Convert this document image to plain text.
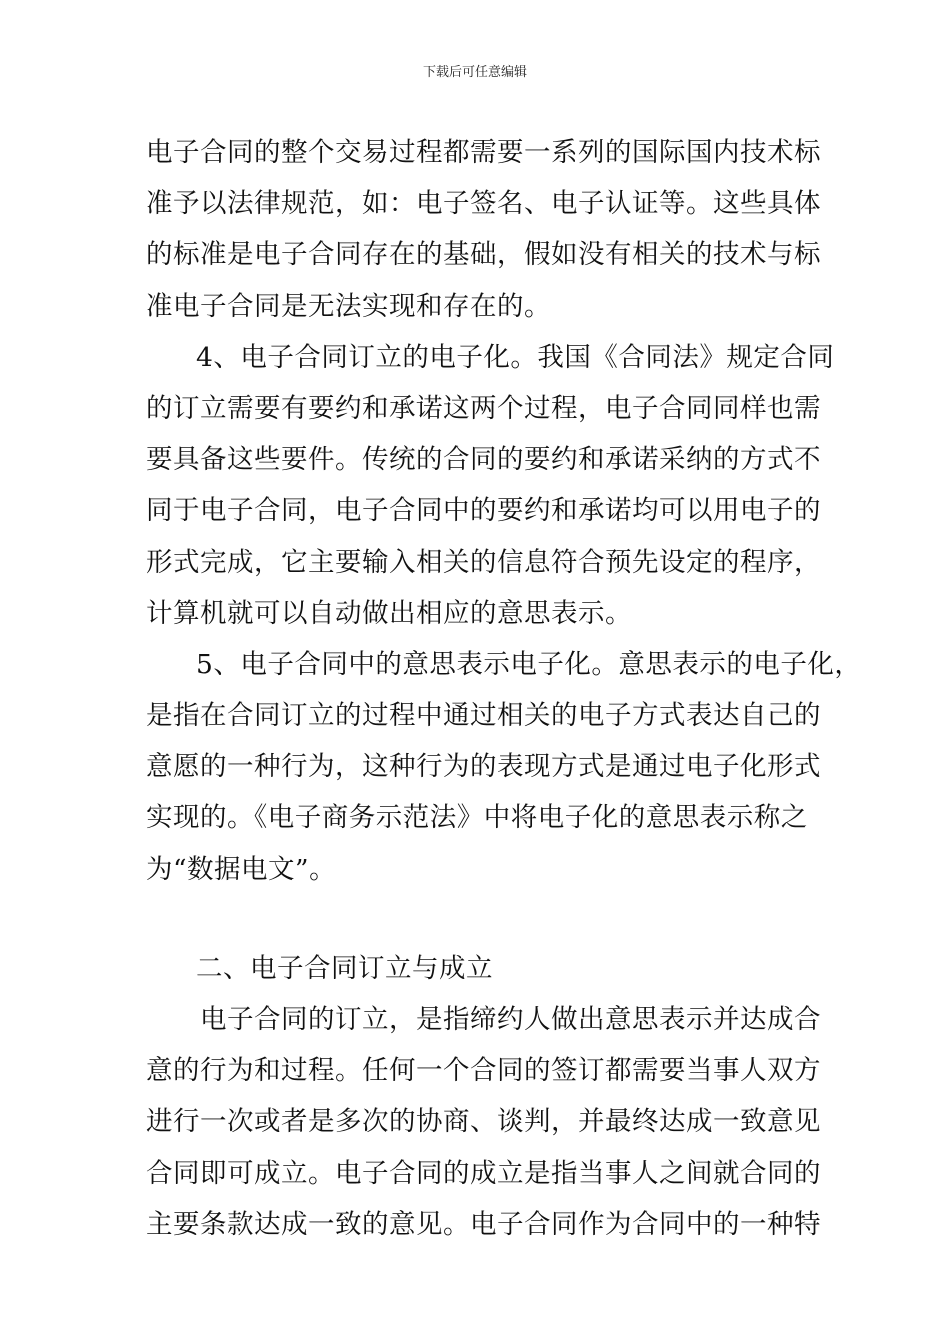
下载后可任意编辑
电子合同的整个交易过程都需要一系列的国际国内技术标
准予以法律规范，如：电子签名、电子认证等。这些具体
的标准是电子合同存在的基础，假如没有相关的技术与标
准电子合同是无法实现和存在的。
4、电子合同订立的电子化。我国《合同法》规定合同
的订立需要有要约和承诺这两个过程，电子合同同样也需
要具备这些要件。传统的合同的要约和承诺采纳的方式不
同于电子合同，电子合同中的要约和承诺均可以用电子的
形式完成，它主要输入相关的信息符合预先设定的程序，
计算机就可以自动做出相应的意思表示。
5、电子合同中的意思表示电子化。意思表示的电子化，
是指在合同订立的过程中通过相关的电子方式表达自己的
意愿的一种行为，这种行为的表现方式是通过电子化形式
实现的。《电子商务示范法》中将电子化的意思表示称之
为“数据电文”。
二、电子合同订立与成立
电子合同的订立，是指缔约人做出意思表示并达成合
意的行为和过程。任何一个合同的签订都需要当事人双方
进行一次或者是多次的协商、谈判，并最终达成一致意见
合同即可成立。电子合同的成立是指当事人之间就合同的
主要条款达成一致的意见。电子合同作为合同中的一种特
